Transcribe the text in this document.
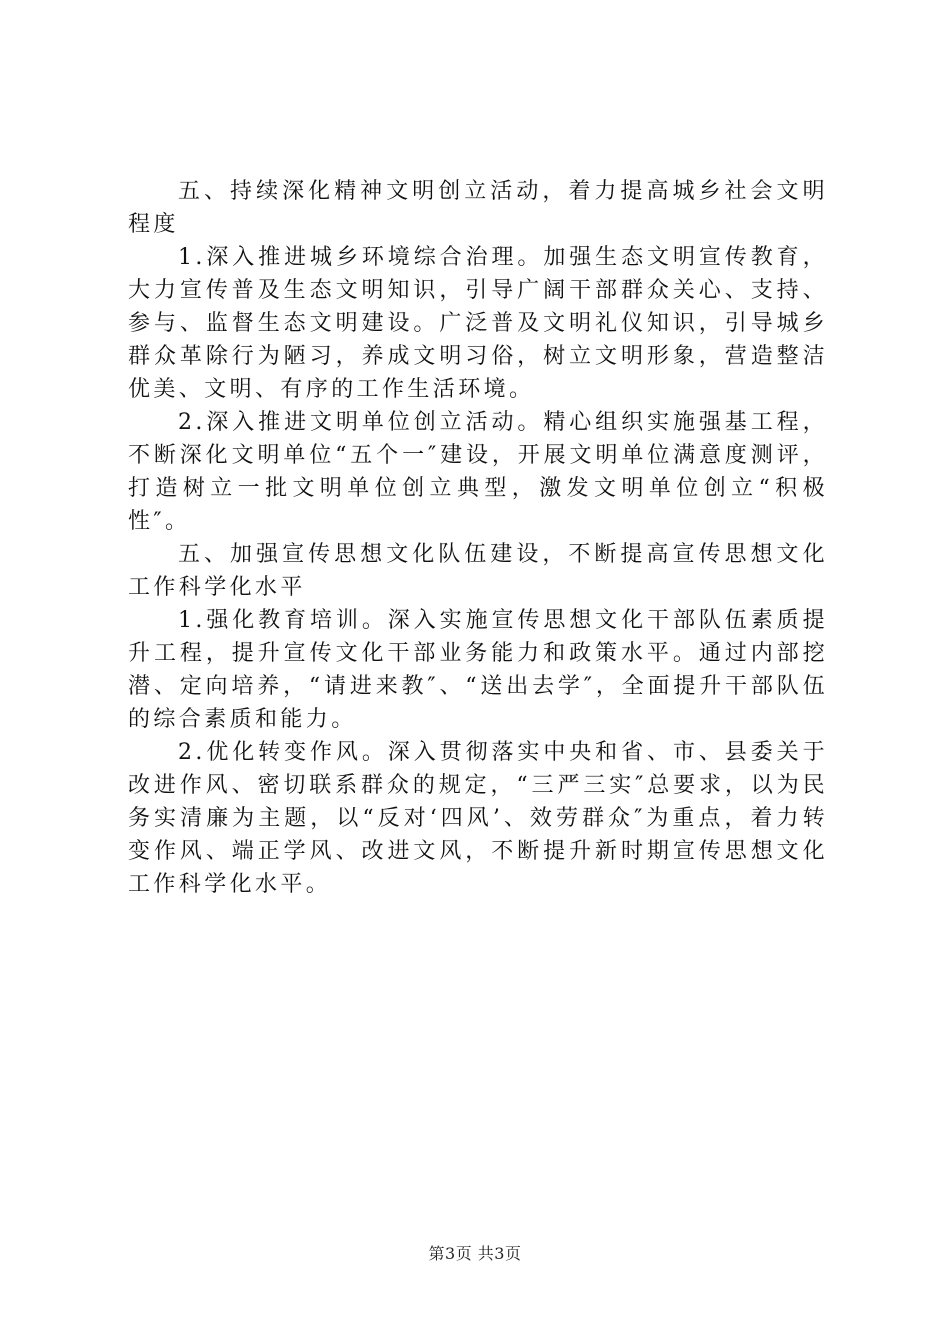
五、持续深化精神文明创立活动，着力提高城乡社会文明程度

1.深入推进城乡环境综合治理。加强生态文明宣传教育，大力宣传普及生态文明知识，引导广阔干部群众关心、支持、参与、监督生态文明建设。广泛普及文明礼仪知识，引导城乡群众革除行为陋习，养成文明习俗，树立文明形象，营造整洁优美、文明、有序的工作生活环境。

2.深入推进文明单位创立活动。精心组织实施强基工程，不断深化文明单位“五个一″建设，开展文明单位满意度测评，打造树立一批文明单位创立典型，激发文明单位创立“积极性″。

五、加强宣传思想文化队伍建设，不断提高宣传思想文化工作科学化水平

1.强化教育培训。深入实施宣传思想文化干部队伍素质提升工程，提升宣传文化干部业务能力和政策水平。通过内部挖潜、定向培养，“请进来教″、“送出去学″，全面提升干部队伍的综合素质和能力。

2.优化转变作风。深入贯彻落实中央和省、市、县委关于改进作风、密切联系群众的规定，“三严三实″总要求，以为民务实清廉为主题，以“反对‘四风’、效劳群众″为重点，着力转变作风、端正学风、改进文风，不断提升新时期宣传思想文化工作科学化水平。

第3页 共3页
